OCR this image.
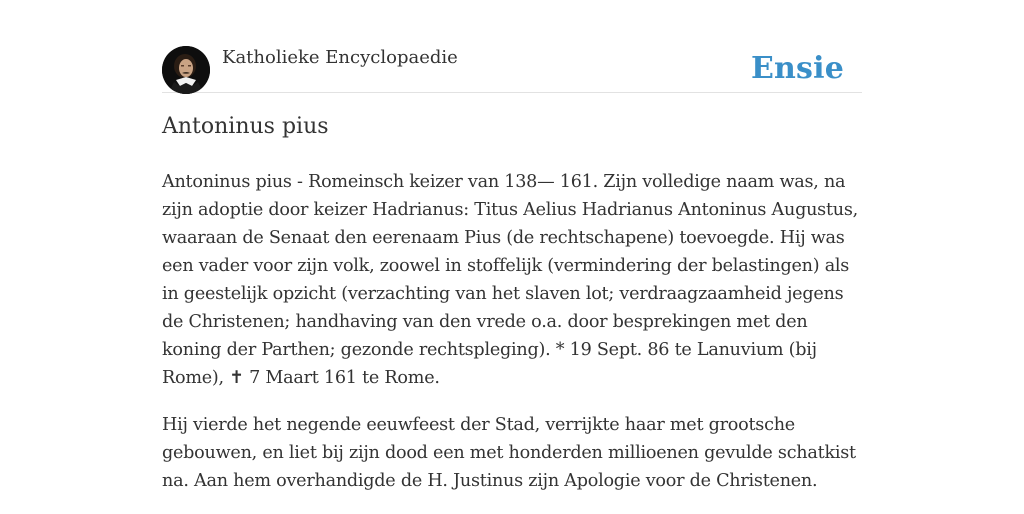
Katholieke Encyclopaedie	Ensie
Antoninus pius

Antoninus pius - Romeinsch keizer van 138— 161. Zijn volledige naam was, na zijn adoptie door keizer Hadrianus: Titus Aelius Hadrianus Antoninus Augustus, waaraan de Senaat den eerenaam Pius (de rechtschapene) toevoegde. Hij was een vader voor zijn volk, zoowel in stoffelijk (vermindering der belastingen) als in geestelijk opzicht (verzachting van het slaven lot; verdraagzaamheid jegens de Christenen; handhaving van den vrede o.a. door besprekingen met den koning der Parthen; gezonde rechtspleging). * 19 Sept. 86 te Lanuvium (bij Rome), ✝ 7 Maart 161 te Rome.

Hij vierde het negende eeuwfeest der Stad, verrijkte haar met grootsche gebouwen, en liet bij zijn dood een met honderden millioenen gevulde schatkist na. Aan hem overhandigde de H. Justinus zijn Apologie voor de Christenen.
